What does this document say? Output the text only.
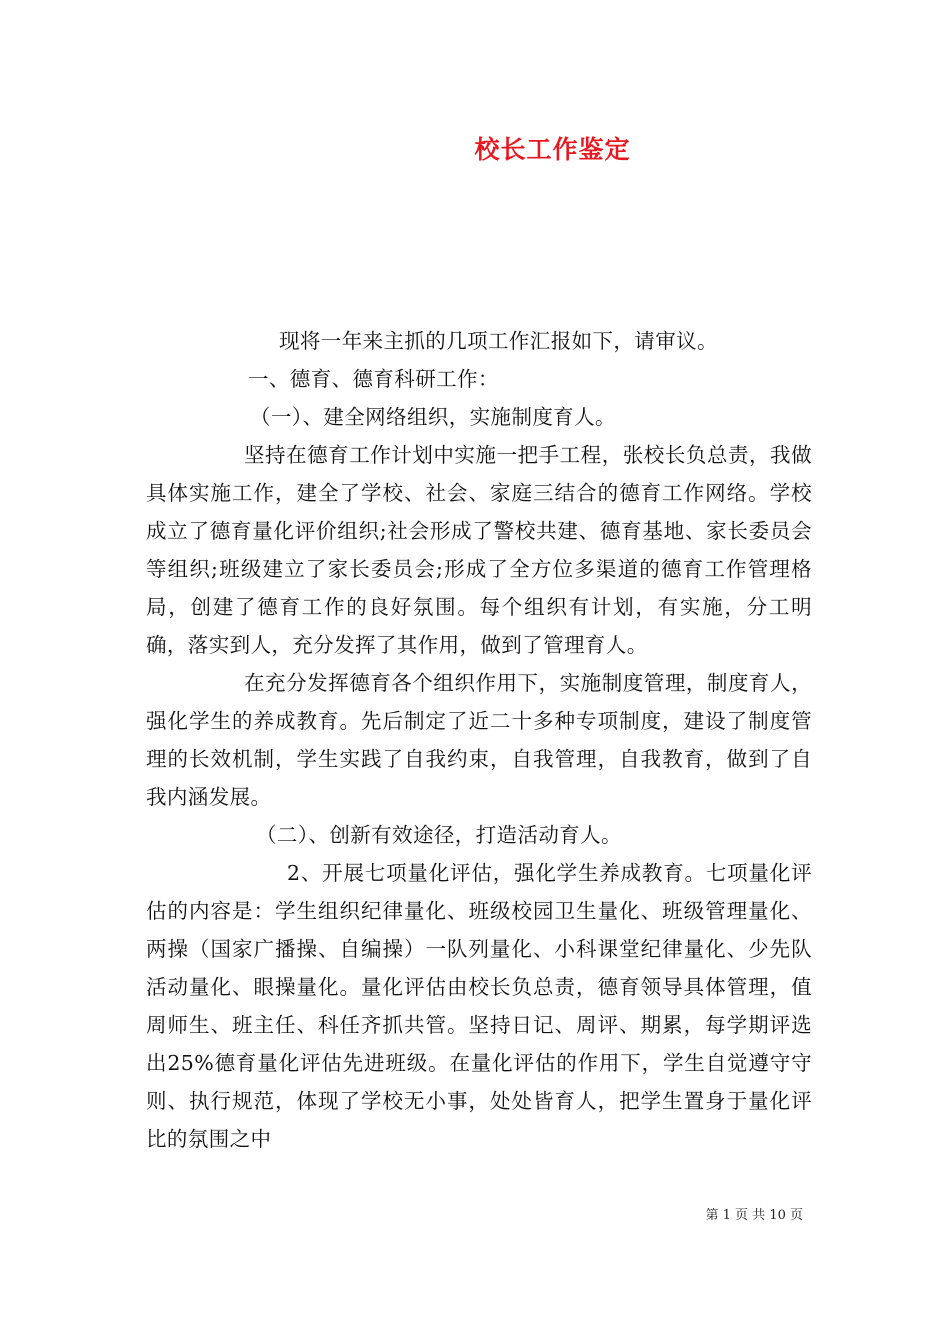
校长工作鉴定

现将一年来主抓的几项工作汇报如下，请审议。

一、德育、德育科研工作：

（一）、建全网络组织，实施制度育人。

坚持在德育工作计划中实施一把手工程，张校长负总责，我做具体实施工作，建全了学校、社会、家庭三结合的德育工作网络。学校成立了德育量化评价组织;社会形成了警校共建、德育基地、家长委员会等组织;班级建立了家长委员会;形成了全方位多渠道的德育工作管理格局，创建了德育工作的良好氛围。每个组织有计划，有实施，分工明确，落实到人，充分发挥了其作用，做到了管理育人。

在充分发挥德育各个组织作用下，实施制度管理，制度育人，强化学生的养成教育。先后制定了近二十多种专项制度，建设了制度管理的长效机制，学生实践了自我约束，自我管理，自我教育，做到了自我内涵发展。

（二）、创新有效途径，打造活动育人。

2、开展七项量化评估，强化学生养成教育。七项量化评估的内容是：学生组织纪律量化、班级校园卫生量化、班级管理量化、两操（国家广播操、自编操）一队列量化、小科课堂纪律量化、少先队活动量化、眼操量化。量化评估由校长负总责，德育领导具体管理，值周师生、班主任、科任齐抓共管。坚持日记、周评、期累，每学期评选出25%德育量化评估先进班级。在量化评估的作用下，学生自觉遵守守则、执行规范，体现了学校无小事，处处皆育人，把学生置身于量化评比的氛围之中

第 1 页 共 10 页
